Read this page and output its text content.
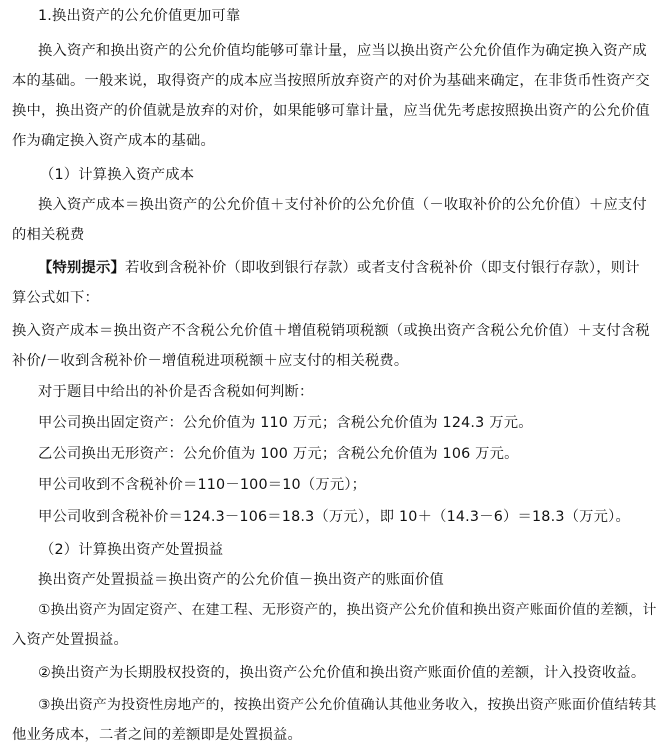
1.换出资产的公允价值更加可靠
换入资产和换出资产的公允价值均能够可靠计量，应当以换出资产公允价值作为确定换入资产成
本的基础。一般来说，取得资产的成本应当按照所放弃资产的对价为基础来确定，在非货币性资产交
换中，换出资产的价值就是放弃的对价，如果能够可靠计量，应当优先考虑按照换出资产的公允价值
作为确定换入资产成本的基础。
（1）计算换入资产成本
换入资产成本＝换出资产的公允价值＋支付补价的公允价值（－收取补价的公允价值）＋应支付
的相关税费
【特别提示】若收到含税补价（即收到银行存款）或者支付含税补价（即支付银行存款），则计
算公式如下：
换入资产成本＝换出资产不含税公允价值＋增值税销项税额（或换出资产含税公允价值）＋支付含税
补价/－收到含税补价－增值税进项税额＋应支付的相关税费。
对于题目中给出的补价是否含税如何判断：
甲公司换出固定资产：公允价值为 110 万元；含税公允价值为 124.3 万元。
乙公司换出无形资产：公允价值为 100 万元；含税公允价值为 106 万元。
甲公司收到不含税补价＝110－100＝10（万元）；
甲公司收到含税补价＝124.3－106＝18.3（万元），即 10＋（14.3－6）＝18.3（万元）。
（2）计算换出资产处置损益
换出资产处置损益＝换出资产的公允价值－换出资产的账面价值
①换出资产为固定资产、在建工程、无形资产的，换出资产公允价值和换出资产账面价值的差额，计
入资产处置损益。
②换出资产为长期股权投资的，换出资产公允价值和换出资产账面价值的差额，计入投资收益。
③换出资产为投资性房地产的，按换出资产公允价值确认其他业务收入，按换出资产账面价值结转其
他业务成本，二者之间的差额即是处置损益。
